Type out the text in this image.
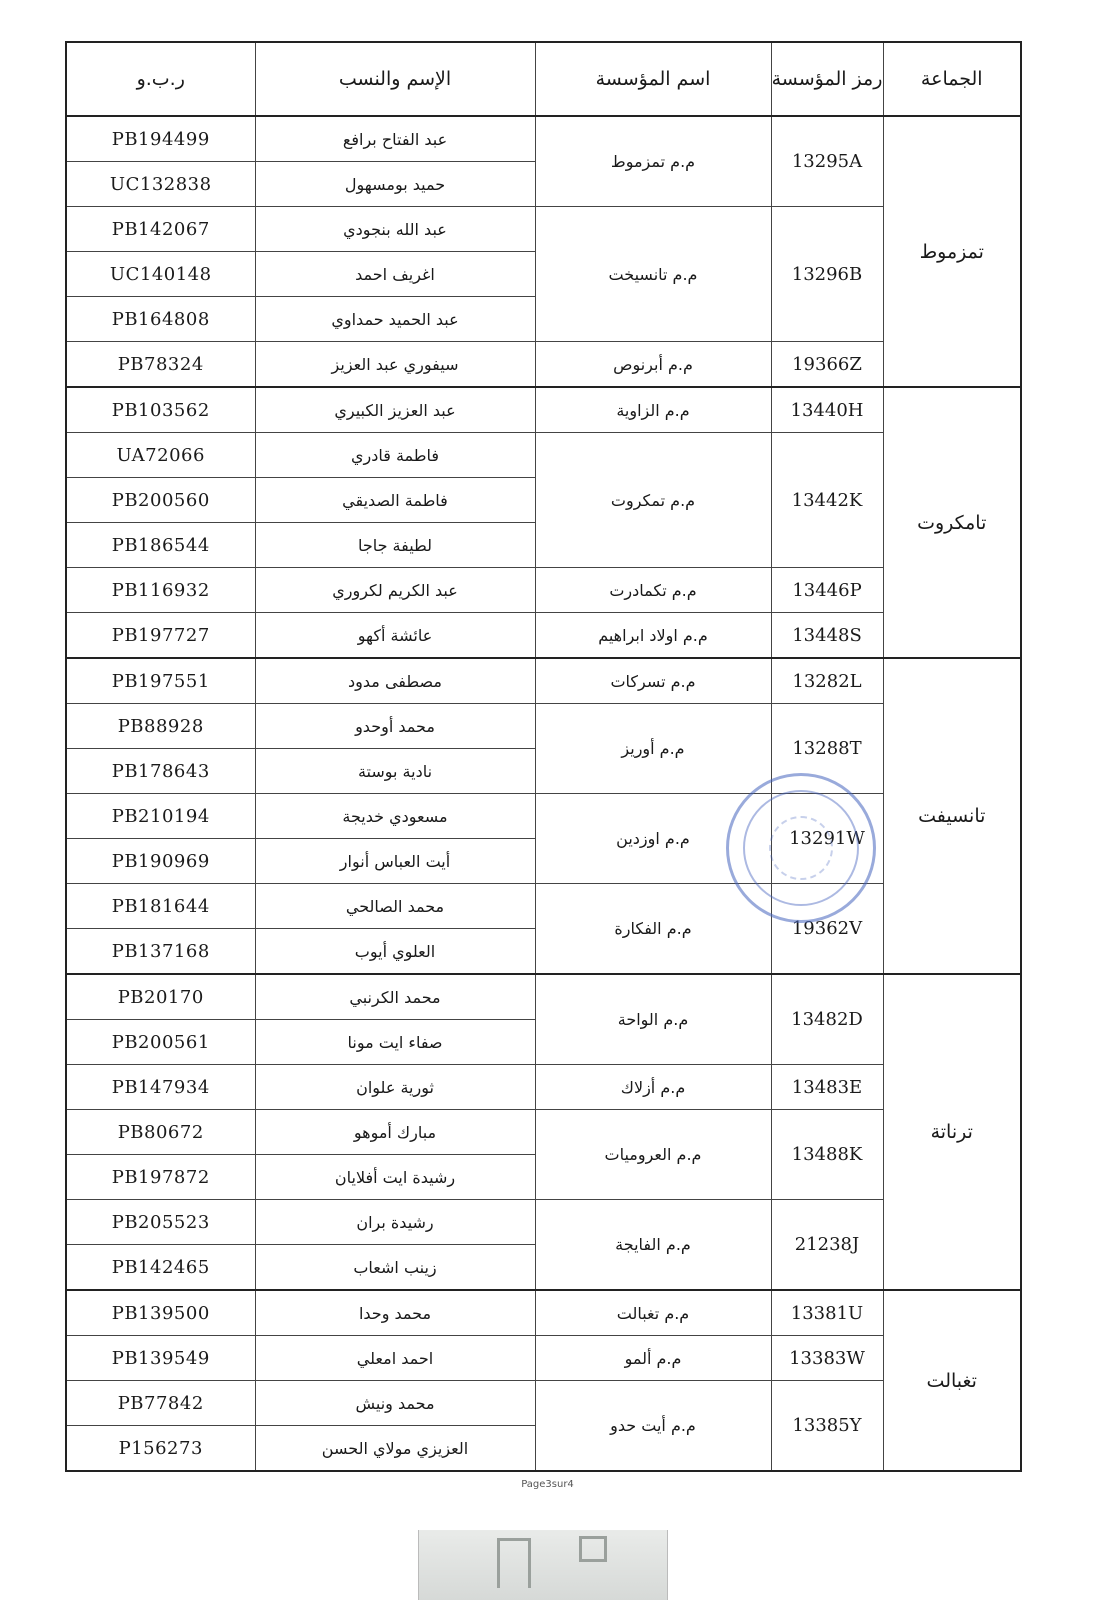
الجماعة	رمز المؤسسة	اسم المؤسسة	الإسم والنسب	ر.ب.و
تمزموط	13295A	م.م تمزموط	عبد الفتاح برافع	PB194499
			حميد بومسهول	UC132838
	13296B	م.م تانسيخت	عبد الله بنجودي	PB142067
			اغريف احمد	UC140148
			عبد الحميد حمداوي	PB164808
	19366Z	م.م أبرنوص	سيفوري عبد العزيز	PB78324
تامكروت	13440H	م.م الزاوية	عبد العزيز الكبيري	PB103562
	13442K	م.م تمكروت	فاطمة قادري	UA72066
			فاطمة الصديقي	PB200560
			لطيفة جاجا	PB186544
	13446P	م.م تكمادرت	عبد الكريم لكروري	PB116932
	13448S	م.م اولاد ابراهيم	عائشة أكهو	PB197727
تانسيفت	13282L	م.م تسركات	مصطفى مدود	PB197551
	13288T	م.م أوريز	محمد أوحدو	PB88928
			نادية بوستة	PB178643
	13291W	م.م اوزدين	مسعودي خديجة	PB210194
			أيت العباس أنوار	PB190969
	19362V	م.م الفكارة	محمد الصالحي	PB181644
			العلوي أيوب	PB137168
ترناتة	13482D	م.م الواحة	محمد الكرنبي	PB20170
			صفاء ايت مونا	PB200561
	13483E	م.م أزلاك	ثورية علوان	PB147934
	13488K	م.م العروميات	مبارك أموهو	PB80672
			رشيدة ايت أفلايان	PB197872
	21238J	م.م الفايجة	رشيدة بران	PB205523
			زينب اشعاب	PB142465
تغبالت	13381U	م.م تغبالت	محمد وحدا	PB139500
	13383W	م.م ألمو	احمد امعلي	PB139549
	13385Y	م.م أيت حدو	محمد ونيش	PB77842
			العزيزي مولاي الحسن	P156273
Page3sur4
